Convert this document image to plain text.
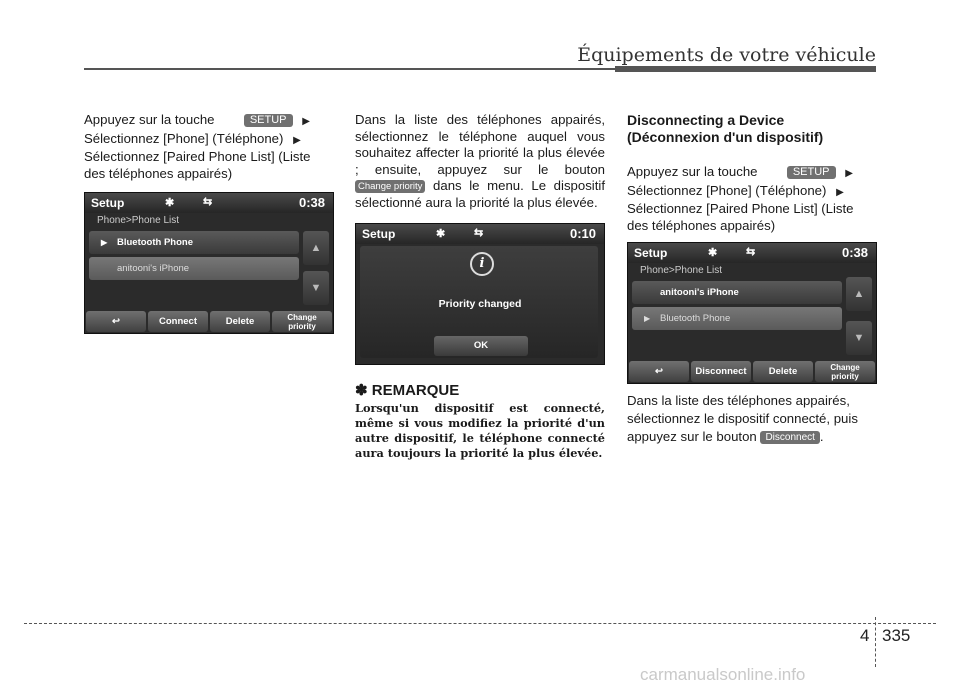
Équipements de votre véhicule

Appuyez sur la touche	SETUP ▶
Sélectionnez [Phone] (Téléphone) ▶
Sélectionnez [Paired Phone List] (Liste des téléphones appairés)

Setup	✱	⇆	0:38
Phone>Phone List
▶ Bluetooth Phone
anitooni's iPhone
▲
▼
↩	Connect	Delete	Change
priority

Dans la liste des téléphones appairés, sélectionnez le téléphone auquel vous souhaitez affecter la priorité la plus élevée ; ensuite, appuyez sur le bouton Change priority dans le menu. Le dispositif sélectionné aura la priorité la plus élevée.

Setup	✱	⇆	0:10
i
Priority changed
OK

✽ REMARQUE

Lorsqu'un dispositif est connecté, même si vous modifiez la priorité d'un autre dispositif, le téléphone connecté aura toujours la priorité la plus élevée.

Disconnecting a Device
(Déconnexion d'un dispositif)

Appuyez sur la touche	SETUP ▶
Sélectionnez [Phone] (Téléphone) ▶
Sélectionnez [Paired Phone List] (Liste des téléphones appairés)

Setup	✱	⇆	0:38
Phone>Phone List
anitooni's iPhone
▶ Bluetooth Phone
▲
▼
↩	Disconnect	Delete	Change
priority

Dans la liste des téléphones appairés, sélectionnez le dispositif connecté, puis appuyez sur le bouton Disconnect .

4 335
carmanualsonline.info
